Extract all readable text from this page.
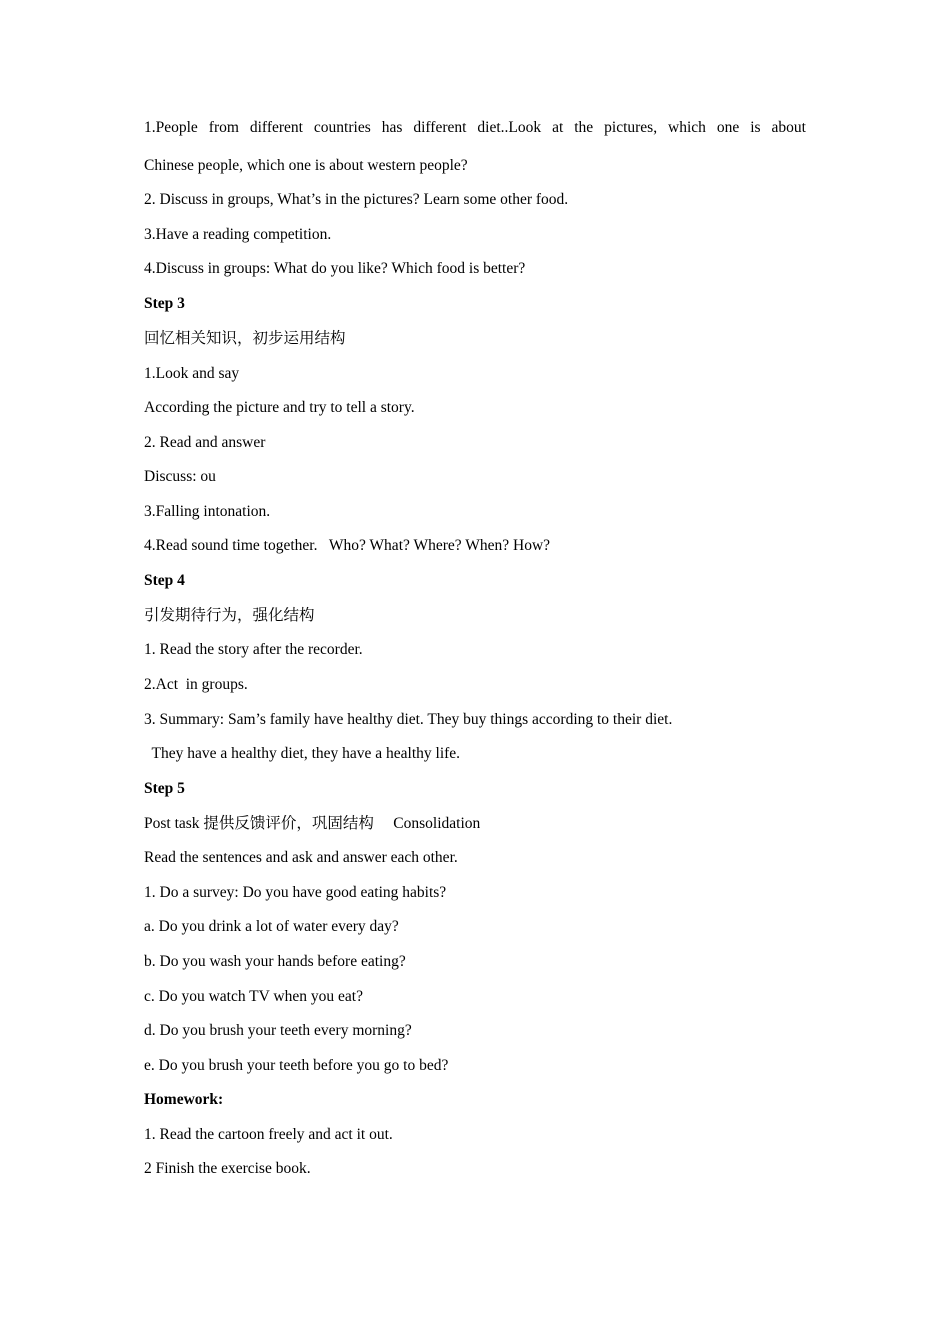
1.People from different countries has different diet..Look at the pictures, which one is about
Chinese people, which one is about western people?
2. Discuss in groups, What’s in the pictures? Learn some other food.
3.Have a reading competition.
4.Discuss in groups: What do you like? Which food is better?
Step 3
回忆相关知识，初步运用结构
1.Look and say
According the picture and try to tell a story.
2. Read and answer
Discuss: ou
3.Falling intonation.
4.Read sound time together.   Who? What? Where? When? How?
Step 4
引发期待行为，强化结构
1. Read the story after the recorder.
2.Act  in groups.
3. Summary: Sam’s family have healthy diet. They buy things according to their diet.
They have a healthy diet, they have a healthy life.
Step 5
Post task 提供反馈评价，巩固结构     Consolidation
Read the sentences and ask and answer each other.
1. Do a survey: Do you have good eating habits?
a. Do you drink a lot of water every day?
b. Do you wash your hands before eating?
c. Do you watch TV when you eat?
d. Do you brush your teeth every morning?
e. Do you brush your teeth before you go to bed?
Homework:
1. Read the cartoon freely and act it out.
2 Finish the exercise book.
